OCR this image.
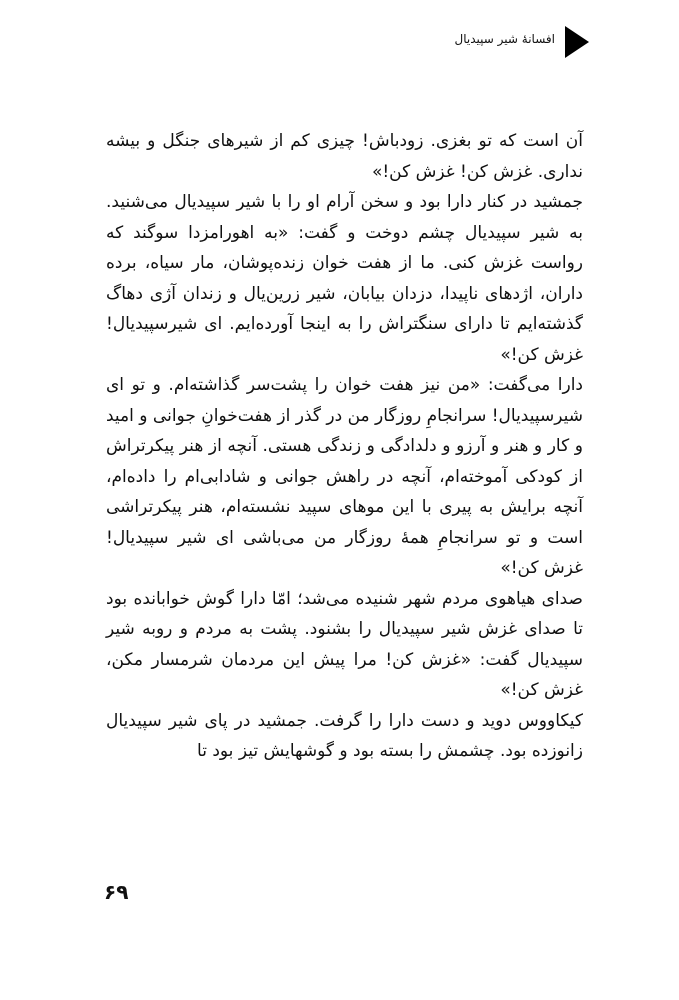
افسانهٔ شیر سپیدیال

آن است که تو بغزی. زودباش! چیزی کم از شیرهای جنگل و بیشه نداری. غزش کن! غزش کن!»

جمشید در کنار دارا بود و سخن آرام او را با شیر سپیدیال می‌شنید. به شیر سپیدیال چشم دوخت و گفت: «به اهورامزدا سوگند که رواست غزش کنی. ما از هفت خوان زنده‌پوشان، مار سیاه، برده داران، اژدهای ناپیدا، دزدان بیابان، شیر زرین‌یال و زندان آژی دهاگ گذشته‌ایم تا دارای سنگتراش را به اینجا آورده‌ایم. ای شیرسپیدیال! غزش کن!»

دارا می‌گفت: «من نیز هفت خوان را پشت‌سر گذاشته‌ام. و تو ای شیرسپیدیال! سرانجامِ روزگار من در گذر از هفت‌خوانِ جوانی و امید و کار و هنر و آرزو و دلدادگی و زندگی هستی. آنچه از هنر پیکرتراش از کودکی آموخته‌ام، آنچه در راهش جوانی و شادابی‌ام را داده‌ام، آنچه برایش به پیری با این موهای سپید نشسته‌ام، هنر پیکرتراشی است و تو سرانجامِ همهٔ روزگار من می‌باشی ای شیر سپیدیال! غزش کن!»

صدای هیاهوی مردم شهر شنیده می‌شد؛ امّا دارا گوش خوابانده بود تا صدای غزش شیر سپیدیال را بشنود. پشت به مردم و روبه شیر سپیدیال گفت: «غزش کن! مرا پیش این مردمان شرمسار مکن، غزش کن!»

کیکاووس دوید و دست دارا را گرفت. جمشید در پای شیر سپیدیال زانوزده بود. چشمش را بسته بود و گوشهایش تیز بود تا

۶۹
